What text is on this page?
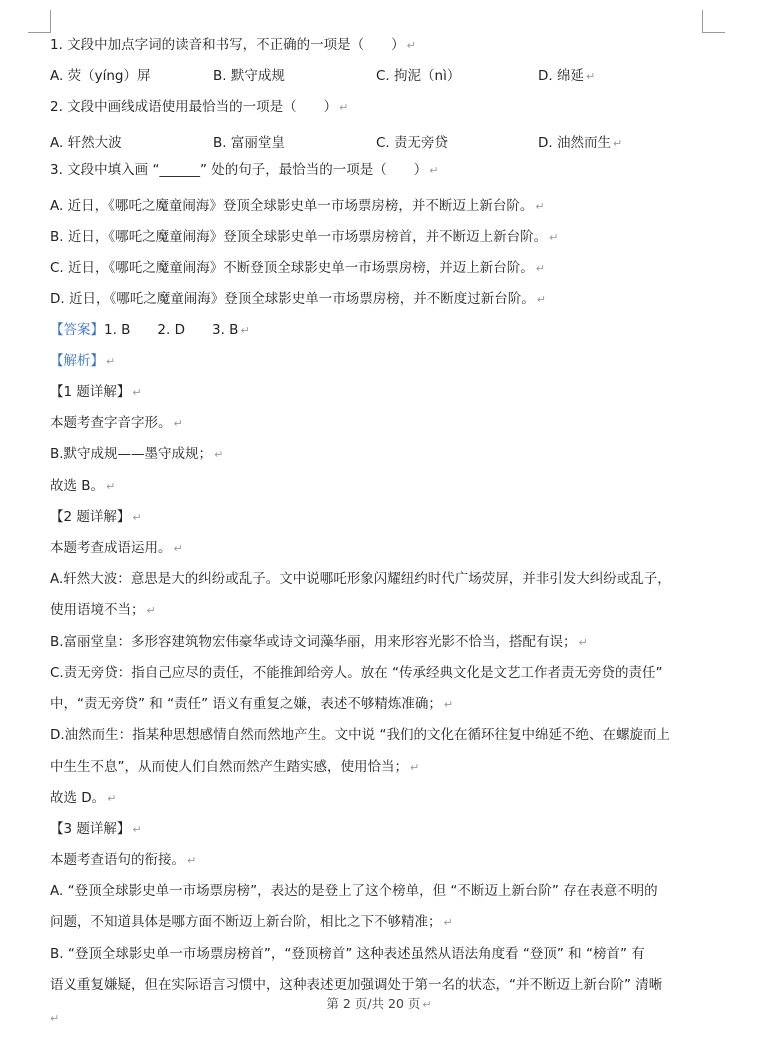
1. 文段中加点字词的读音和书写，不正确的一项是（　　） ↵
A. 荧（yíng）屏	B. 默守成规	C. 拘泥（nì）	D. 绵延 ↵
2. 文段中画线成语使用最恰当的一项是（　　） ↵
A. 轩然大波	B. 富丽堂皇	C. 责无旁贷	D. 油然而生 ↵
3. 文段中填入画 “______” 处的句子，最恰当的一项是（　　） ↵
A. 近日，《哪吒之魔童闹海》登顶全球影史单一市场票房榜，并不断迈上新台阶。 ↵
B. 近日，《哪吒之魔童闹海》登顶全球影史单一市场票房榜首，并不断迈上新台阶。 ↵
C. 近日，《哪吒之魔童闹海》不断登顶全球影史单一市场票房榜，并迈上新台阶。 ↵
D. 近日，《哪吒之魔童闹海》登顶全球影史单一市场票房榜，并不断度过新台阶。 ↵
【答案】1. B　　2. D　　3. B ↵
【解析】 ↵
【1 题详解】 ↵
本题考查字音字形。 ↵
B.默守成规——墨守成规； ↵
故选 B。 ↵
【2 题详解】 ↵
本题考查成语运用。 ↵
A.轩然大波：意思是大的纠纷或乱子。文中说哪吒形象闪耀纽约时代广场荧屏，并非引发大纠纷或乱子，
使用语境不当； ↵
B.富丽堂皇：多形容建筑物宏伟豪华或诗文词藻华丽，用来形容光影不恰当，搭配有误； ↵
C.责无旁贷：指自己应尽的责任，不能推卸给旁人。放在 “传承经典文化是文艺工作者责无旁贷的责任”
中，“责无旁贷” 和 “责任” 语义有重复之嫌，表述不够精炼准确； ↵
D.油然而生：指某种思想感情自然而然地产生。文中说 “我们的文化在循环往复中绵延不绝、在螺旋而上
中生生不息”，从而使人们自然而然产生踏实感，使用恰当； ↵
故选 D。 ↵
【3 题详解】 ↵
本题考查语句的衔接。 ↵
A. “登顶全球影史单一市场票房榜”，表达的是登上了这个榜单，但 “不断迈上新台阶” 存在表意不明的
问题，不知道具体是哪方面不断迈上新台阶，相比之下不够精准； ↵
B. “登顶全球影史单一市场票房榜首”，“登顶榜首” 这种表述虽然从语法角度看 “登顶” 和 “榜首” 有
语义重复嫌疑，但在实际语言习惯中，这种表述更加强调处于第一名的状态，“并不断迈上新台阶” 清晰
第 2 页/共 20 页 ↵
↵
